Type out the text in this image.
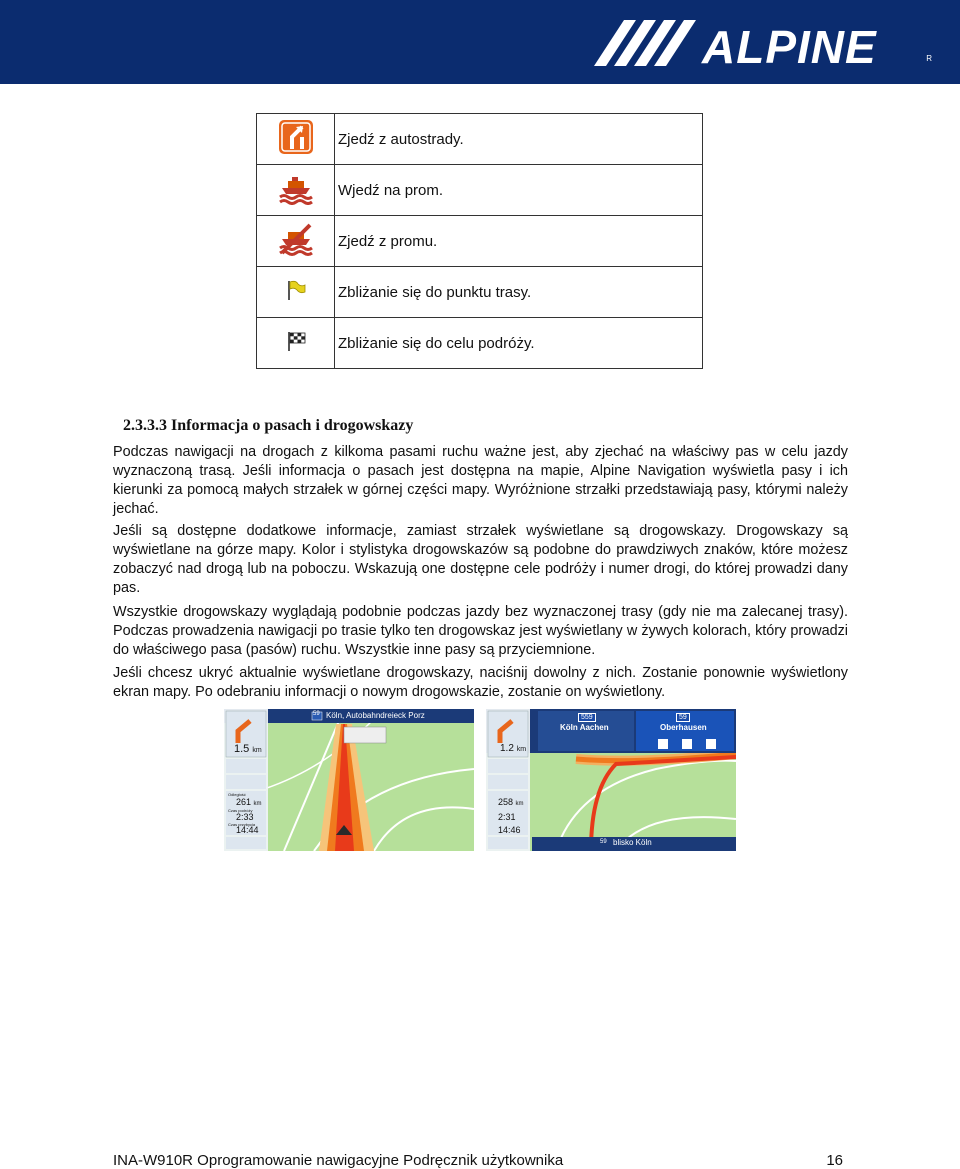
ALPINE	R
	Zjedź z autostrady.
	Wjedź na prom.
	Zjedź z promu.
	Zbliżanie się do punktu trasy.
	Zbliżanie się do celu podróży.
2.3.3.3 Informacja o pasach i drogowskazy
Podczas nawigacji na drogach z kilkoma pasami ruchu ważne jest, aby zjechać na właściwy pas w celu jazdy wyznaczoną trasą. Jeśli informacja o pasach jest dostępna na mapie, Alpine Navigation wyświetla pasy i ich kierunki za pomocą małych strzałek w górnej części mapy. Wyróżnione strzałki przedstawiają pasy, którymi należy jechać.
Jeśli są dostępne dodatkowe informacje, zamiast strzałek wyświetlane są drogowskazy. Drogowskazy są wyświetlane na górze mapy. Kolor i stylistyka drogowskazów są podobne do prawdziwych znaków, które możesz zobaczyć nad drogą lub na poboczu. Wskazują one dostępne cele podróży i numer drogi, do której prowadzi dany pas.
Wszystkie drogowskazy wyglądają podobnie podczas jazdy bez wyznaczonej trasy (gdy nie ma zalecanej trasy). Podczas prowadzenia nawigacji po trasie tylko ten drogowskaz jest wyświetlany w żywych kolorach, który prowadzi do właściwego pasa (pasów) ruchu. Wszystkie inne pasy są przyciemnione.
Jeśli chcesz ukryć aktualnie wyświetlane drogowskazy, naciśnij dowolny z nich. Zostanie ponownie wyświetlony ekran mapy. Po odebraniu informacji o nowym drogowskazie, zostanie on wyświetlony.
1.5 km
59 Köln, Autobahndreieck Porz
Odległość
261 km
Czas podróży
2:33
Czas przybycia
14:44
1.2 km
559
Köln Aachen
59
Oberhausen
258 km
2:31
14:46
59 blisko Köln
INA-W910R Oprogramowanie nawigacyjne Podręcznik użytkownika	16
